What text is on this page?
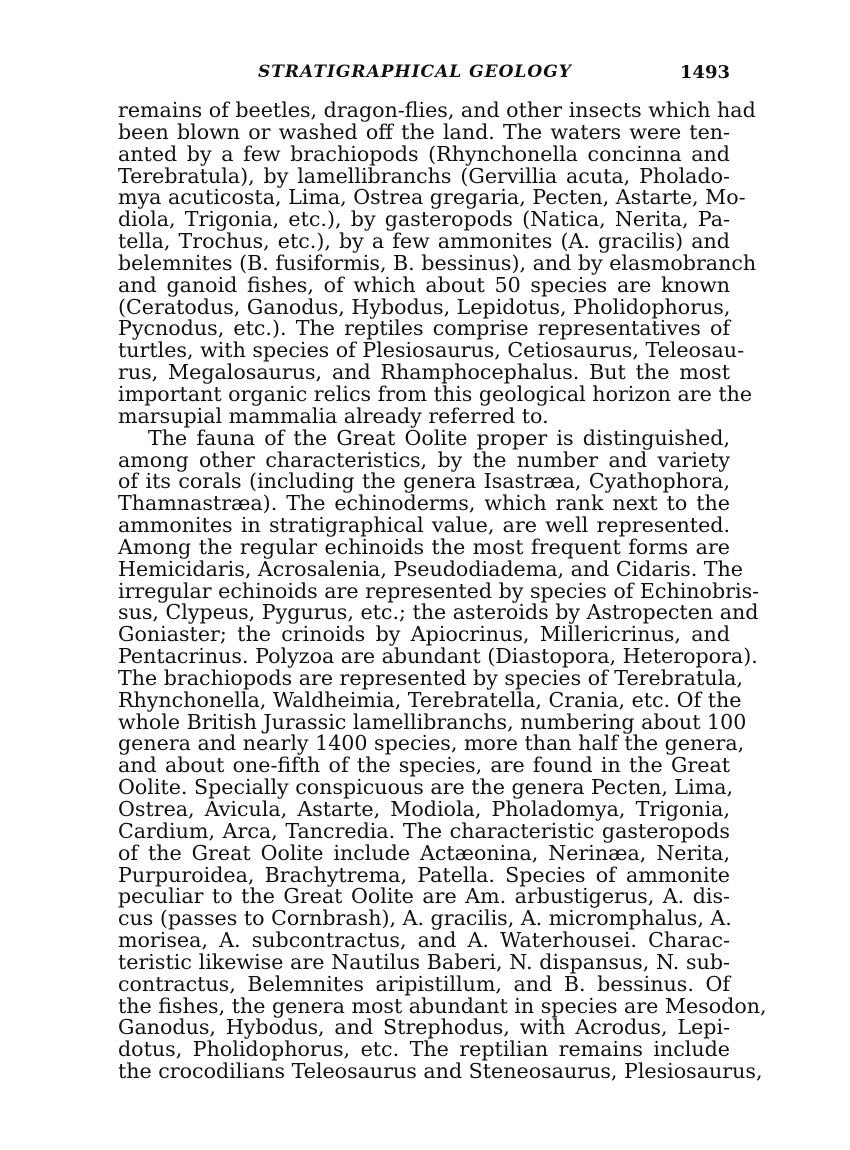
STRATIGRAPHICAL GEOLOGY	1493
remains of beetles, dragon-flies, and other insects which had
been blown or washed off the land. The waters were ten-
anted by a few brachiopods (Rhynchonella concinna and
Terebratula), by lamellibranchs (Gervillia acuta, Pholado-
mya acuticosta, Lima, Ostrea gregaria, Pecten, Astarte, Mo-
diola, Trigonia, etc.), by gasteropods (Natica, Nerita, Pa-
tella, Trochus, etc.), by a few ammonites (A. gracilis) and
belemnites (B. fusiformis, B. bessinus), and by elasmobranch
and ganoid fishes, of which about 50 species are known
(Ceratodus, Ganodus, Hybodus, Lepidotus, Pholidophorus,
Pycnodus, etc.). The reptiles comprise representatives of
turtles, with species of Plesiosaurus, Cetiosaurus, Teleosau-
rus, Megalosaurus, and Rhamphocephalus. But the most
important organic relics from this geological horizon are the
marsupial mammalia already referred to.
The fauna of the Great Oolite proper is distinguished,
among other characteristics, by the number and variety
of its corals (including the genera Isastræa, Cyathophora,
Thamnastræa). The echinoderms, which rank next to the
ammonites in stratigraphical value, are well represented.
Among the regular echinoids the most frequent forms are
Hemicidaris, Acrosalenia, Pseudodiadema, and Cidaris. The
irregular echinoids are represented by species of Echinobris-
sus, Clypeus, Pygurus, etc.; the asteroids by Astropecten and
Goniaster; the crinoids by Apiocrinus, Millericrinus, and
Pentacrinus. Polyzoa are abundant (Diastopora, Heteropora).
The brachiopods are represented by species of Terebratula,
Rhynchonella, Waldheimia, Terebratella, Crania, etc. Of the
whole British Jurassic lamellibranchs, numbering about 100
genera and nearly 1400 species, more than half the genera,
and about one-fifth of the species, are found in the Great
Oolite. Specially conspicuous are the genera Pecten, Lima,
Ostrea, Avicula, Astarte, Modiola, Pholadomya, Trigonia,
Cardium, Arca, Tancredia. The characteristic gasteropods
of the Great Oolite include Actæonina, Nerinæa, Nerita,
Purpuroidea, Brachytrema, Patella. Species of ammonite
peculiar to the Great Oolite are Am. arbustigerus, A. dis-
cus (passes to Cornbrash), A. gracilis, A. micromphalus, A.
morisea, A. subcontractus, and A. Waterhousei. Charac-
teristic likewise are Nautilus Baberi, N. dispansus, N. sub-
contractus, Belemnites aripistillum, and B. bessinus. Of
the fishes, the genera most abundant in species are Mesodon,
Ganodus, Hybodus, and Strephodus, with Acrodus, Lepi-
dotus, Pholidophorus, etc. The reptilian remains include
the crocodilians Teleosaurus and Steneosaurus, Plesiosaurus,
